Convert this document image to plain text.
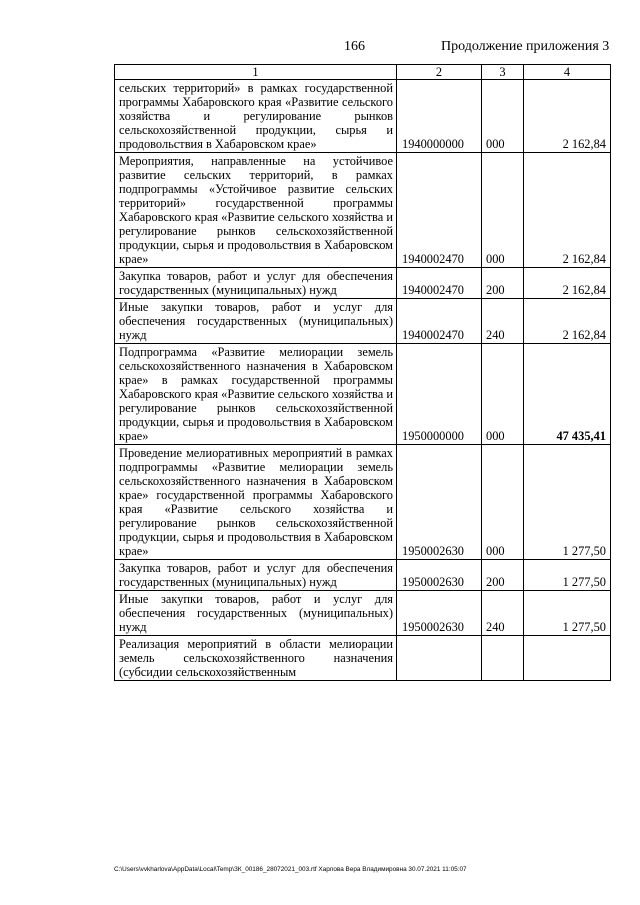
166	Продолжение приложения 3
1	2	3	4
сельских территорий» в рамках государственной программы Хабаровского края «Развитие сельского хозяйства и регулирование рынков сельскохозяйственной продукции, сырья и продовольствия в Хабаровском крае»	1940000000	000	2 162,84
Мероприятия, направленные на устойчивое развитие сельских территорий, в рамках подпрограммы «Устойчивое развитие сельских территорий» государственной программы Хабаровского края «Развитие сельского хозяйства и регулирование рынков сельскохозяйственной продукции, сырья и продовольствия в Хабаровском крае»	1940002470	000	2 162,84
Закупка товаров, работ и услуг для обеспечения государственных (муниципальных) нужд	1940002470	200	2 162,84
Иные закупки товаров, работ и услуг для обеспечения государственных (муниципальных) нужд	1940002470	240	2 162,84
Подпрограмма «Развитие мелиорации земель сельскохозяйственного назначения в Хабаровском крае» в рамках государственной программы Хабаровского края «Развитие сельского хозяйства и регулирование рынков сельскохозяйственной продукции, сырья и продовольствия в Хабаровском крае»	1950000000	000	47 435,41
Проведение мелиоративных мероприятий в рамках подпрограммы «Развитие мелиорации земель сельскохозяйственного назначения в Хабаровском крае» государственной программы Хабаровского края «Развитие сельского хозяйства и регулирование рынков сельскохозяйственной продукции, сырья и продовольствия в Хабаровском крае»	1950002630	000	1 277,50
Закупка товаров, работ и услуг для обеспечения государственных (муниципальных) нужд	1950002630	200	1 277,50
Иные закупки товаров, работ и услуг для обеспечения государственных (муниципальных) нужд	1950002630	240	1 277,50
Реализация мероприятий в области мелиорации земель сельскохозяйственного назначения (субсидии сельскохозяйственным			
C:\Users\vvkharlova\AppData\Local\Temp\ЗК_00186_28072021_003.rtf Харлова Вера Владимировна 30.07.2021 11:05:07
